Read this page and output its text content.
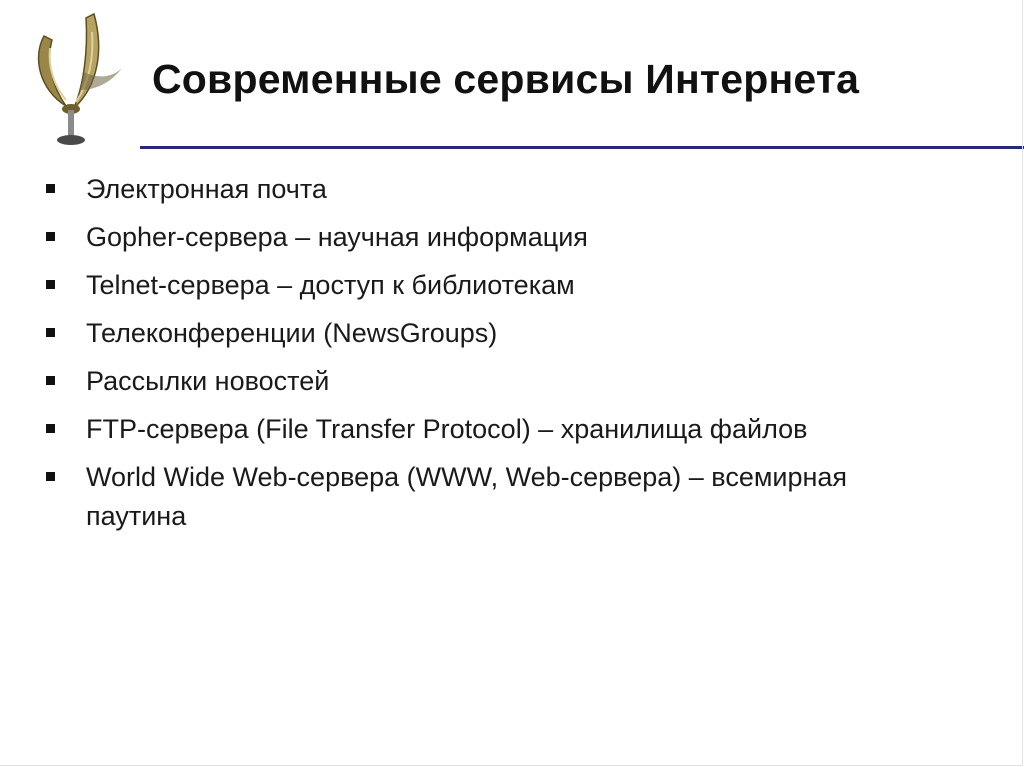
Современные сервисы Интернета
Электронная почта
Gopher-сервера – научная информация
Telnet-сервера – доступ к библиотекам
Телеконференции (NewsGroups)
Рассылки новостей
FTP-сервера (File Transfer Protocol) – хранилища файлов
World Wide Web-сервера (WWW, Web-сервера) – всемирная паутина
